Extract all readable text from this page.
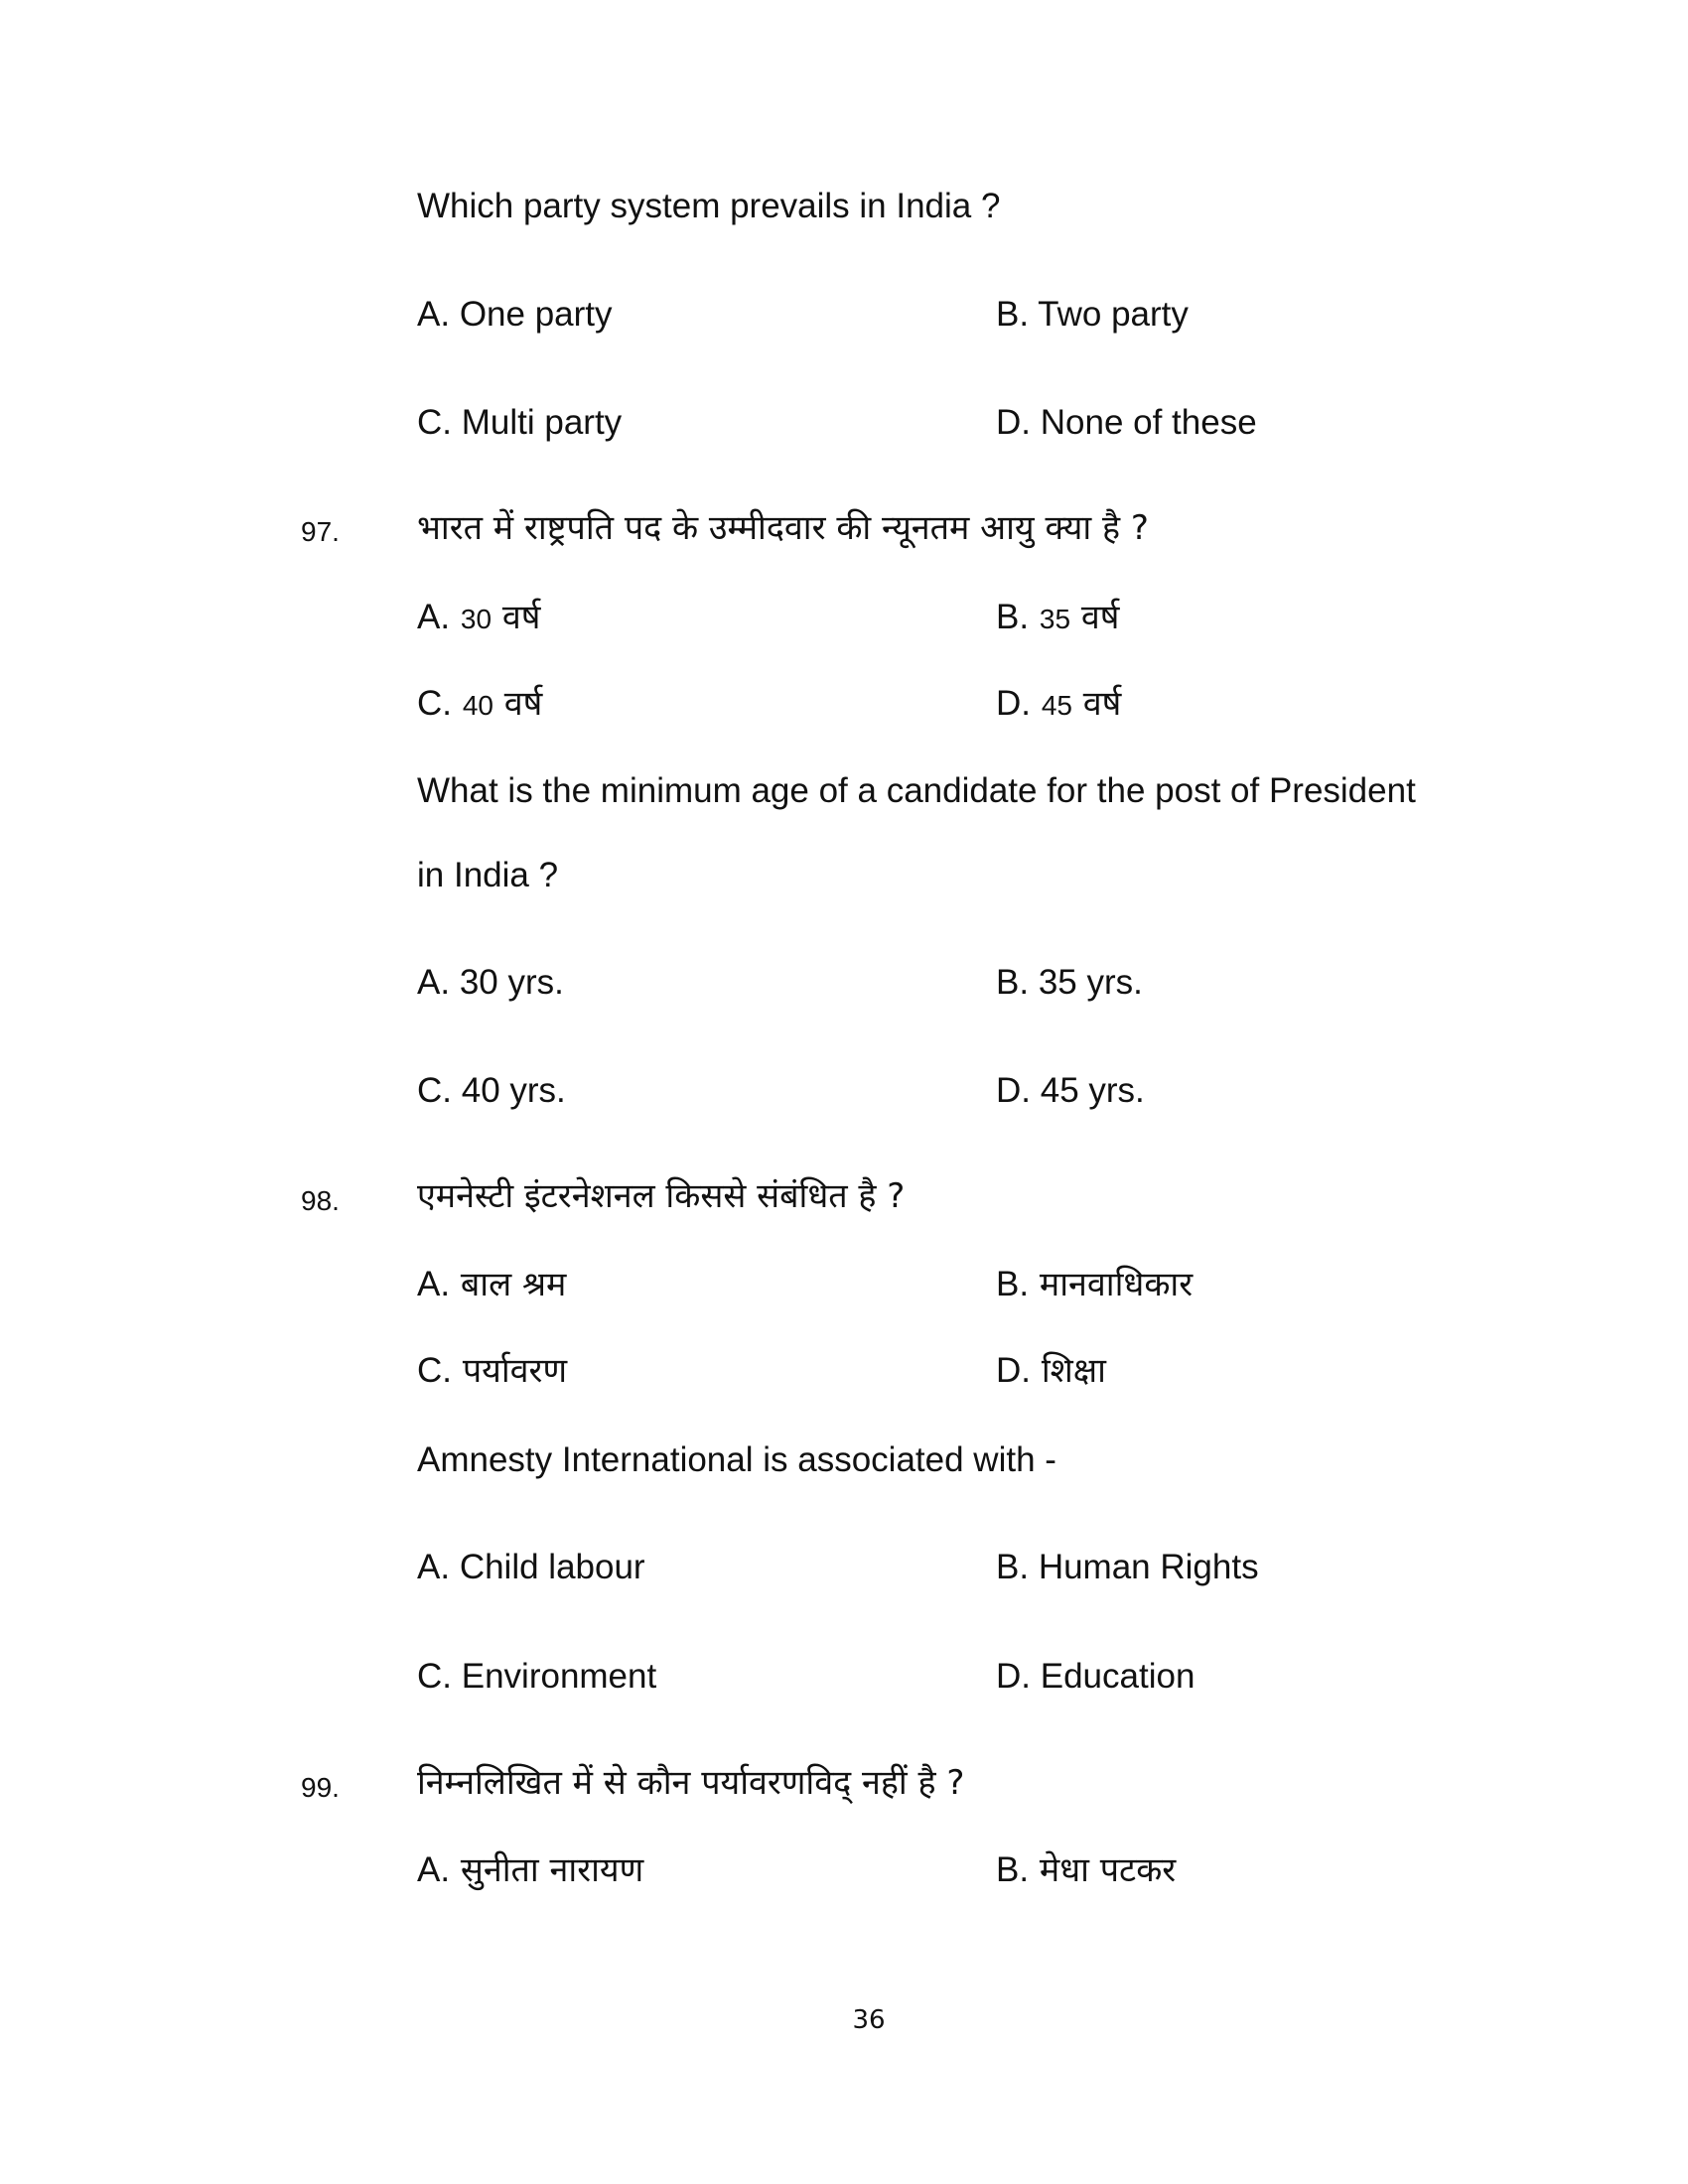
Which party system prevails in India ?
A. One party	B. Two party
C. Multi party	D. None of these
97. भारत में राष्ट्रपति पद के उम्मीदवार की न्यूनतम आयु क्या है ?
A. 30 वर्ष	B. 35 वर्ष
C. 40 वर्ष	D. 45 वर्ष
What is the minimum age of a candidate for the post of President
in India ?
A. 30 yrs.	B. 35 yrs.
C. 40 yrs.	D. 45 yrs.
98. एमनेस्टी इंटरनेशनल किससे संबंधित है ?
A. बाल श्रम	B. मानवाधिकार
C. पर्यावरण	D. शिक्षा
Amnesty International is associated with -
A. Child labour	B. Human Rights
C. Environment	D. Education
99. निम्नलिखित में से कौन पर्यावरणविद् नहीं है ?
A. सुनीता नारायण	B. मेधा पटकर
36
